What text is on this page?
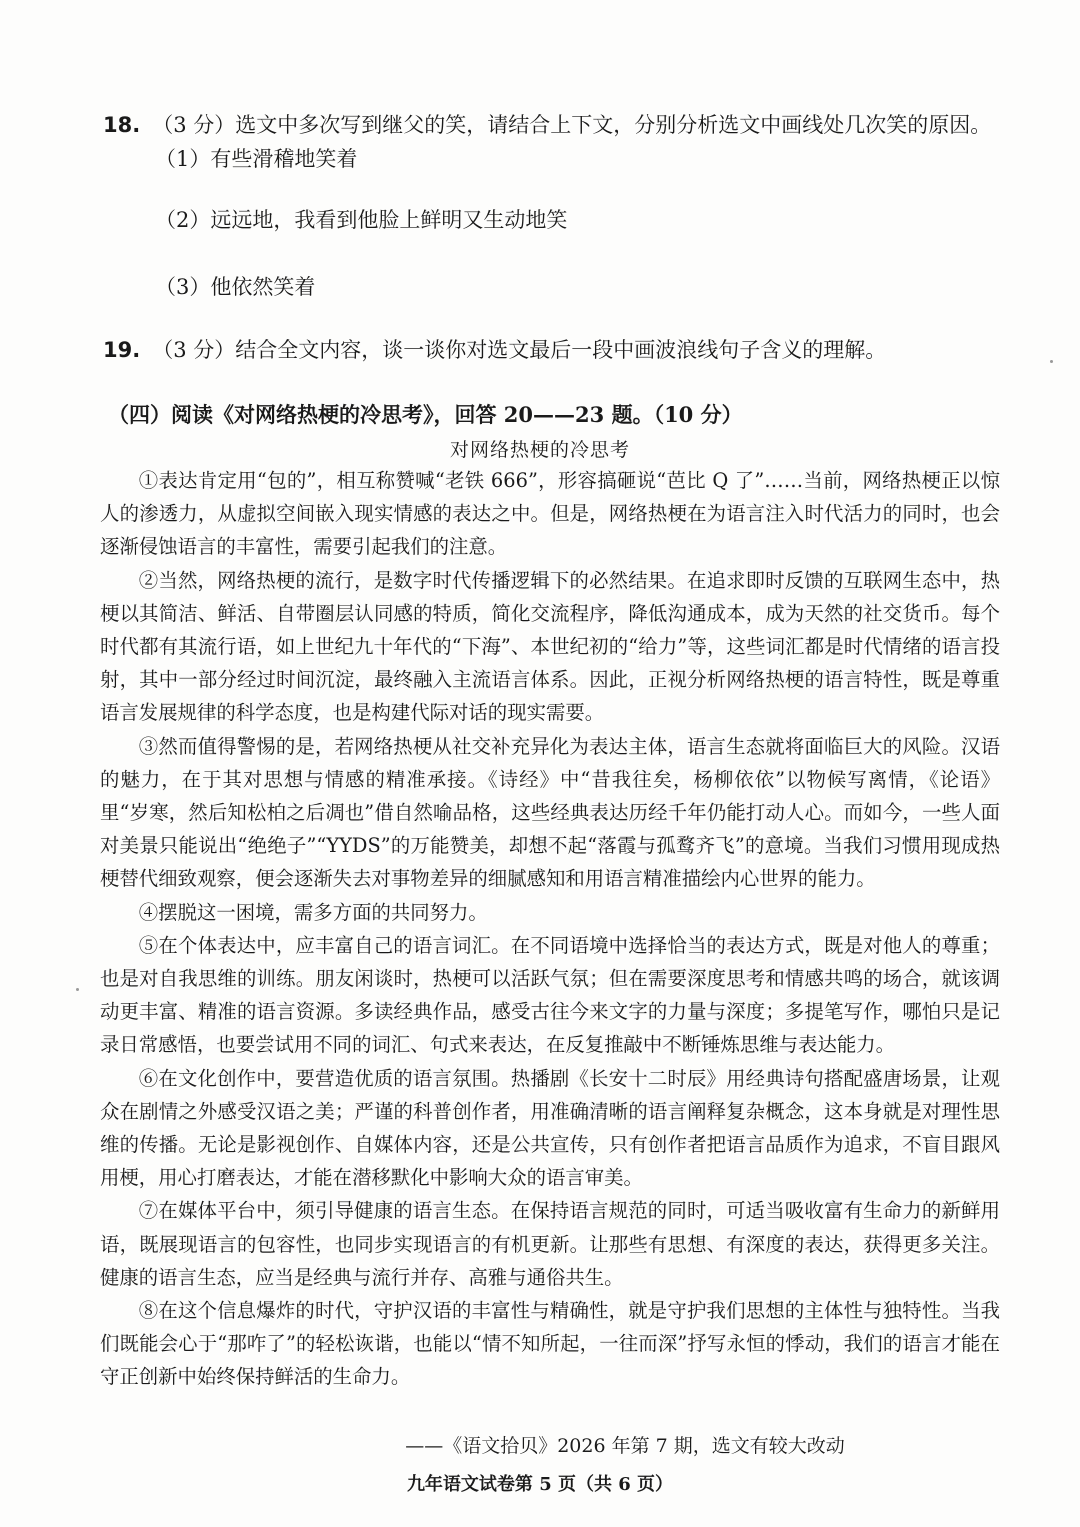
18. （3 分）选文中多次写到继父的笑，请结合上下文，分别分析选文中画线处几次笑的原因。
（1）有些滑稽地笑着
（2）远远地，我看到他脸上鲜明又生动地笑
（3）他依然笑着
19. （3 分）结合全文内容，谈一谈你对选文最后一段中画波浪线句子含义的理解。
（四）阅读《对网络热梗的冷思考》，回答 20——23 题。（10 分）
对网络热梗的冷思考

①表达肯定用“包的”，相互称赞喊“老铁 666”，形容搞砸说“芭比 Q 了”……当前，网络热梗正以惊人的渗透力，从虚拟空间嵌入现实情感的表达之中。但是，网络热梗在为语言注入时代活力的同时，也会逐渐侵蚀语言的丰富性，需要引起我们的注意。

②当然，网络热梗的流行，是数字时代传播逻辑下的必然结果。在追求即时反馈的互联网生态中，热梗以其简洁、鲜活、自带圈层认同感的特质，简化交流程序，降低沟通成本，成为天然的社交货币。每个时代都有其流行语，如上世纪九十年代的“下海”、本世纪初的“给力”等，这些词汇都是时代情绪的语言投射，其中一部分经过时间沉淀，最终融入主流语言体系。因此，正视分析网络热梗的语言特性，既是尊重语言发展规律的科学态度，也是构建代际对话的现实需要。

③然而值得警惕的是，若网络热梗从社交补充异化为表达主体，语言生态就将面临巨大的风险。汉语的魅力，在于其对思想与情感的精准承接。《诗经》中“昔我往矣，杨柳依依”以物候写离情，《论语》里“岁寒，然后知松柏之后凋也”借自然喻品格，这些经典表达历经千年仍能打动人心。而如今，一些人面对美景只能说出“绝绝子”“YYDS”的万能赞美，却想不起“落霞与孤鹜齐飞”的意境。当我们习惯用现成热梗替代细致观察，便会逐渐失去对事物差异的细腻感知和用语言精准描绘内心世界的能力。

④摆脱这一困境，需多方面的共同努力。

⑤在个体表达中，应丰富自己的语言词汇。在不同语境中选择恰当的表达方式，既是对他人的尊重；也是对自我思维的训练。朋友闲谈时，热梗可以活跃气氛；但在需要深度思考和情感共鸣的场合，就该调动更丰富、精准的语言资源。多读经典作品，感受古往今来文字的力量与深度；多提笔写作，哪怕只是记录日常感悟，也要尝试用不同的词汇、句式来表达，在反复推敲中不断锤炼思维与表达能力。

⑥在文化创作中，要营造优质的语言氛围。热播剧《长安十二时辰》用经典诗句搭配盛唐场景，让观众在剧情之外感受汉语之美；严谨的科普创作者，用准确清晰的语言阐释复杂概念，这本身就是对理性思维的传播。无论是影视创作、自媒体内容，还是公共宣传，只有创作者把语言品质作为追求，不盲目跟风用梗，用心打磨表达，才能在潜移默化中影响大众的语言审美。

⑦在媒体平台中，须引导健康的语言生态。在保持语言规范的同时，可适当吸收富有生命力的新鲜用语，既展现语言的包容性，也同步实现语言的有机更新。让那些有思想、有深度的表达，获得更多关注。健康的语言生态，应当是经典与流行并存、高雅与通俗共生。

⑧在这个信息爆炸的时代，守护汉语的丰富性与精确性，就是守护我们思想的主体性与独特性。当我们既能会心于“那咋了”的轻松诙谐，也能以“情不知所起，一往而深”抒写永恒的悸动，我们的语言才能在守正创新中始终保持鲜活的生命力。

——《语文拾贝》2026 年第 7 期，选文有较大改动
九年语文试卷第 5 页（共 6 页）
